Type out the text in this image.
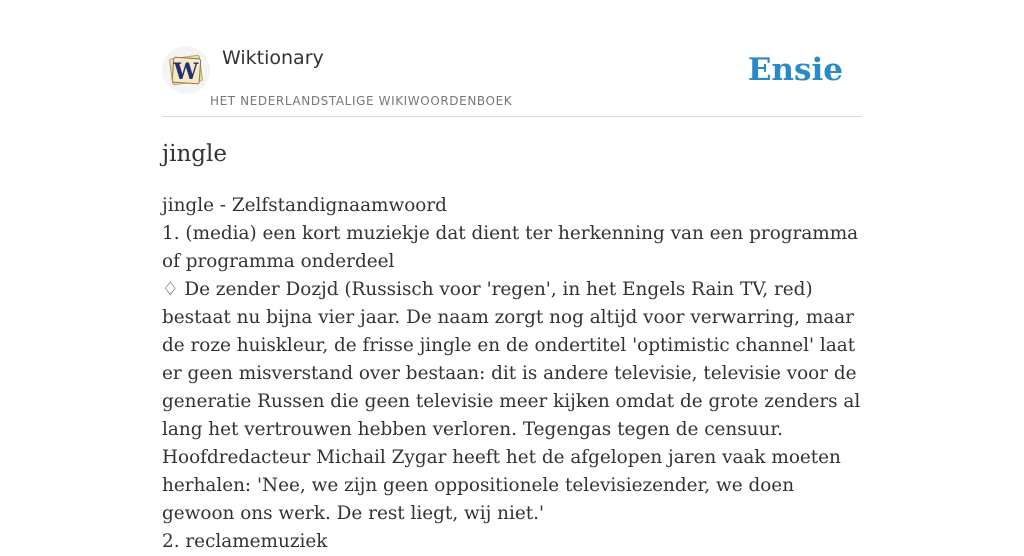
W
Wiktionary
HET NEDERLANDSTALIGE WIKIWOORDENBOEK
Ensie
jingle

jingle - Zelfstandignaamwoord

1. (media) een kort muziekje dat dient ter herkenning van een programma of programma onderdeel

♢ De zender Dozjd (Russisch voor 'regen', in het Engels Rain TV, red) bestaat nu bijna vier jaar. De naam zorgt nog altijd voor verwarring, maar de roze huiskleur, de frisse jingle en de ondertitel 'optimistic channel' laat er geen misverstand over bestaan: dit is andere televisie, televisie voor de generatie Russen die geen televisie meer kijken omdat de grote zenders al lang het vertrouwen hebben verloren. Tegengas tegen de censuur. Hoofdredacteur Michail Zygar heeft het de afgelopen jaren vaak moeten herhalen: 'Nee, we zijn geen oppositionele televisiezender, we doen gewoon ons werk. De rest liegt, wij niet.'

2. reclamemuziek
